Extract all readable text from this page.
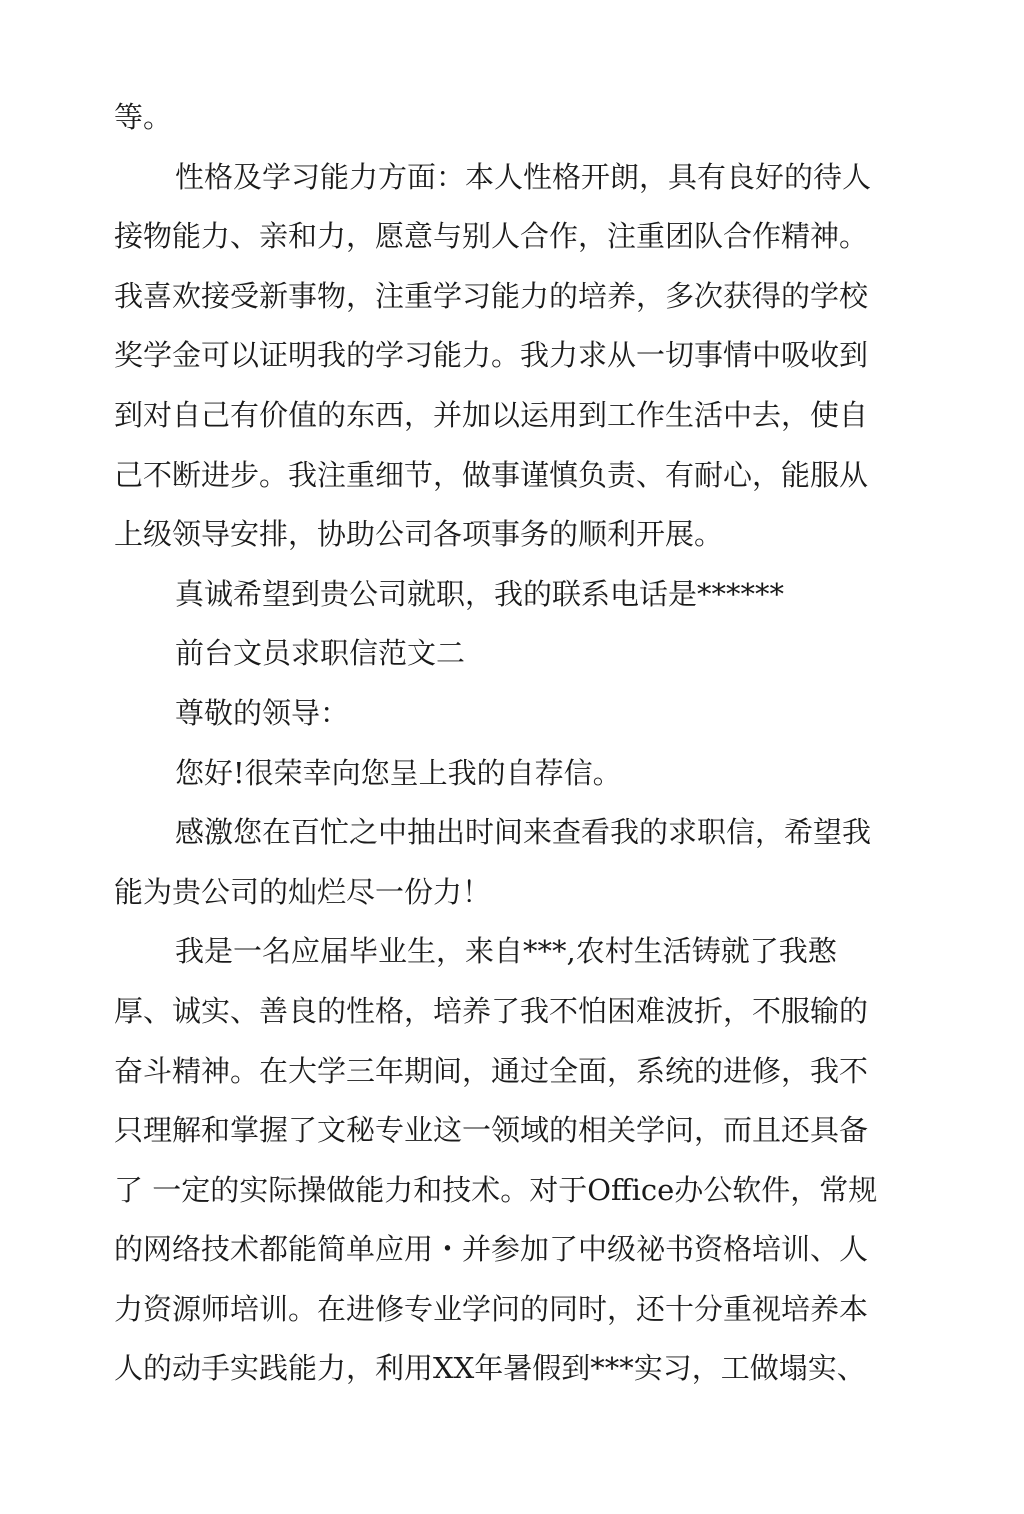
等。
性格及学习能力方面：本人性格开朗，具有良好的待人
接物能力、亲和力，愿意与别人合作，注重团队合作精神。
我喜欢接受新事物，注重学习能力的培养，多次获得的学校
奖学金可以证明我的学习能力。我力求从一切事情中吸收到
到对自己有价值的东西，并加以运用到工作生活中去，使自
己不断进步。我注重细节，做事谨慎负责、有耐心，能服从
上级领导安排，协助公司各项事务的顺利开展。
真诚希望到贵公司就职，我的联系电话是******
前台文员求职信范文二
尊敬的领导：
您好!很荣幸向您呈上我的自荐信。
感激您在百忙之中抽出时间来查看我的求职信，希望我
能为贵公司的灿烂尽一份力！
我是一名应届毕业生，来自***,农村生活铸就了我憨
厚、诚实、善良的性格，培养了我不怕困难波折，不服输的
奋斗精神。在大学三年期间，通过全面，系统的进修，我不
只理解和掌握了文秘专业这一领域的相关学问，而且还具备
了 一定的实际操做能力和技术。对于Office办公软件，常规
的网络技术都能简单应用・并参加了中级祕书资格培训、人
力资源师培训。在进修专业学问的同时，还十分重视培养本
人的动手实践能力，利用XX年暑假到***实习，工做塌实、
